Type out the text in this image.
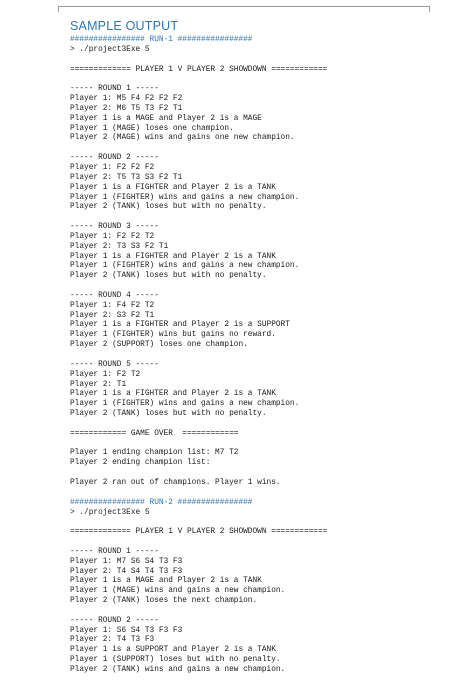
SAMPLE OUTPUT
################ RUN-1 ################
> ./project3Exe 5
============= PLAYER 1 V PLAYER 2 SHOWDOWN ============
----- ROUND 1 -----
Player 1: M5 F4 F2 F2 F2
Player 2: M6 T5 T3 F2 T1
Player 1 is a MAGE and Player 2 is a MAGE
Player 1 (MAGE) loses one champion.
Player 2 (MAGE) wins and gains one new champion.
----- ROUND 2 -----
Player 1: F2 F2 F2
Player 2: T5 T3 S3 F2 T1
Player 1 is a FIGHTER and Player 2 is a TANK
Player 1 (FIGHTER) wins and gains a new champion.
Player 2 (TANK) loses but with no penalty.
----- ROUND 3 -----
Player 1: F2 F2 T2
Player 2: T3 S3 F2 T1
Player 1 is a FIGHTER and Player 2 is a TANK
Player 1 (FIGHTER) wins and gains a new champion.
Player 2 (TANK) loses but with no penalty.
----- ROUND 4 -----
Player 1: F4 F2 T2
Player 2: S3 F2 T1
Player 1 is a FIGHTER and Player 2 is a SUPPORT
Player 1 (FIGHTER) wins but gains no reward.
Player 2 (SUPPORT) loses one champion.
----- ROUND 5 -----
Player 1: F2 T2
Player 2: T1
Player 1 is a FIGHTER and Player 2 is a TANK
Player 1 (FIGHTER) wins and gains a new champion.
Player 2 (TANK) loses but with no penalty.
============ GAME OVER  ============
Player 1 ending champion list: M7 T2
Player 2 ending champion list:
Player 2 ran out of champions. Player 1 wins.
################ RUN-2 ################
> ./project3Exe 5
============= PLAYER 1 V PLAYER 2 SHOWDOWN ============
----- ROUND 1 -----
Player 1: M7 S6 S4 T3 F3
Player 2: T4 S4 T4 T3 F3
Player 1 is a MAGE and Player 2 is a TANK
Player 1 (MAGE) wins and gains a new champion.
Player 2 (TANK) loses the next champion.
----- ROUND 2 -----
Player 1: S6 S4 T3 F3 F3
Player 2: T4 T3 F3
Player 1 is a SUPPORT and Player 2 is a TANK
Player 1 (SUPPORT) loses but with no penalty.
Player 2 (TANK) wins and gains a new champion.
